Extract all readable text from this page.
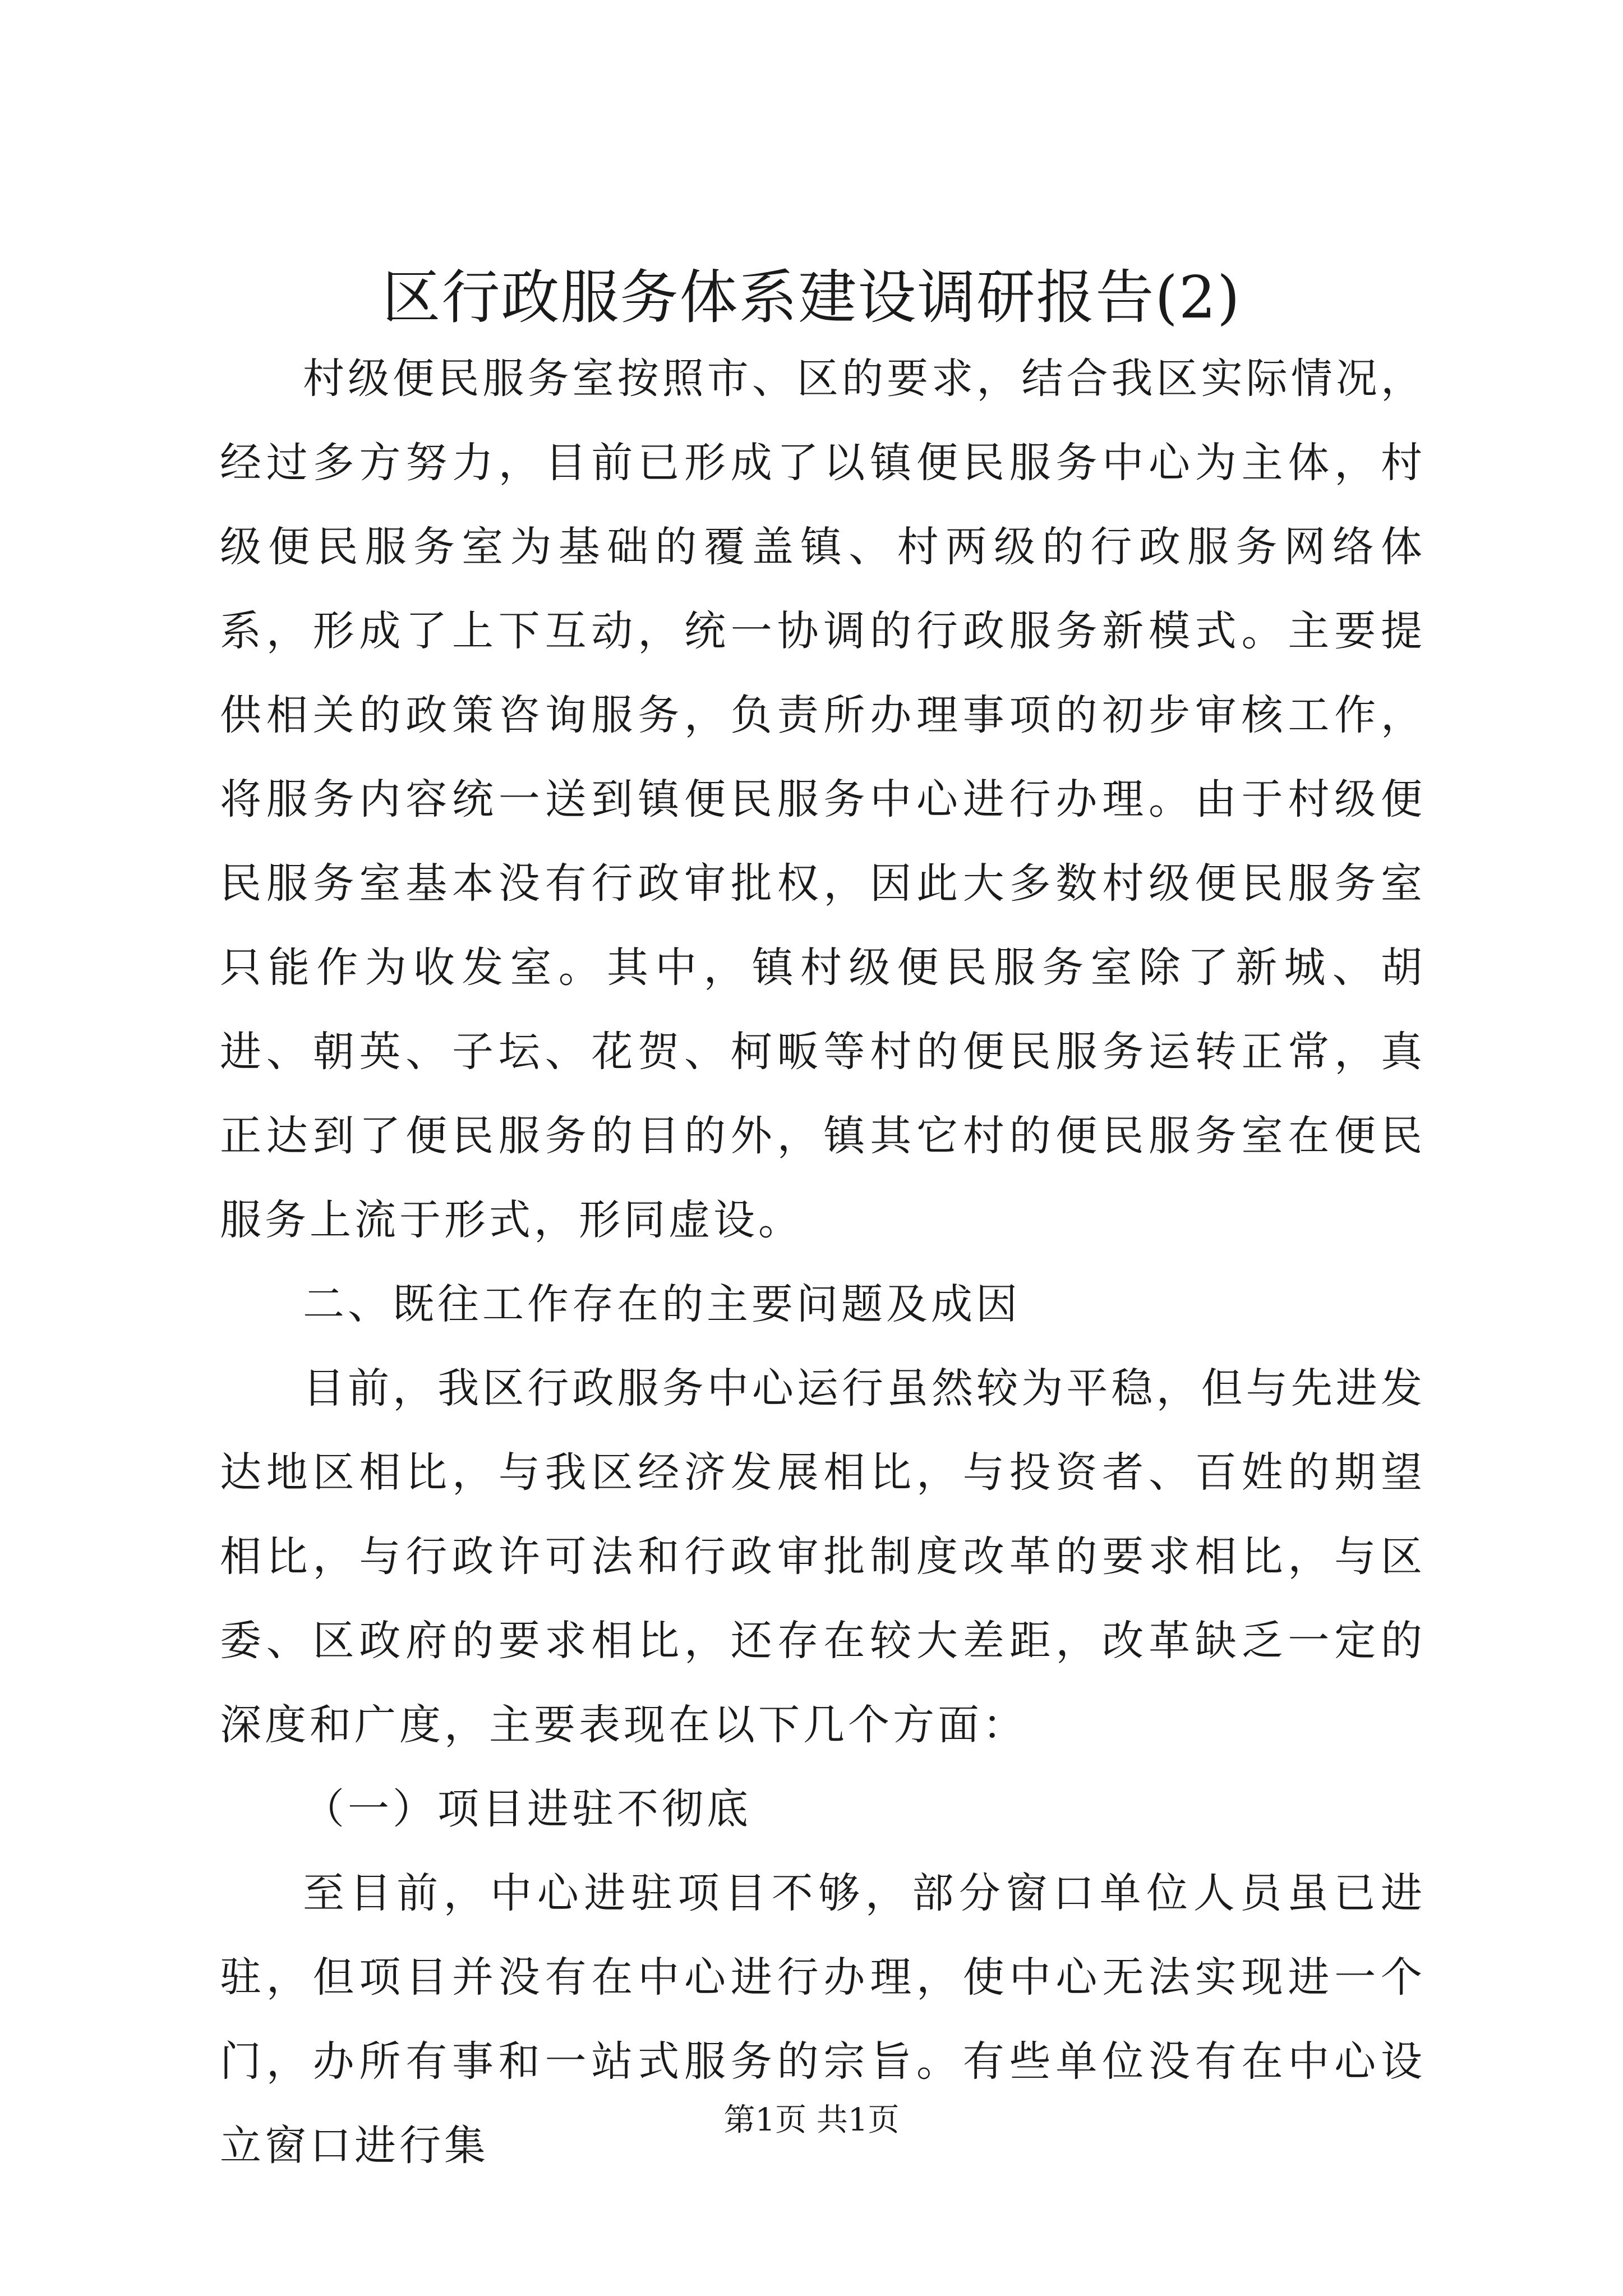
区行政服务体系建设调研报告(2)

村级便民服务室按照市、区的要求，结合我区实际情况，经过多方努力，目前已形成了以镇便民服务中心为主体，村级便民服务室为基础的覆盖镇、村两级的行政服务网络体系，形成了上下互动，统一协调的行政服务新模式。主要提供相关的政策咨询服务，负责所办理事项的初步审核工作，将服务内容统一送到镇便民服务中心进行办理。由于村级便民服务室基本没有行政审批权，因此大多数村级便民服务室只能作为收发室。其中，镇村级便民服务室除了新城、胡进、朝英、子坛、花贺、柯畈等村的便民服务运转正常，真正达到了便民服务的目的外，镇其它村的便民服务室在便民服务上流于形式，形同虚设。

二、既往工作存在的主要问题及成因

目前，我区行政服务中心运行虽然较为平稳，但与先进发达地区相比，与我区经济发展相比，与投资者、百姓的期望相比，与行政许可法和行政审批制度改革的要求相比，与区委、区政府的要求相比，还存在较大差距，改革缺乏一定的深度和广度，主要表现在以下几个方面：

（一）项目进驻不彻底

至目前，中心进驻项目不够，部分窗口单位人员虽已进驻，但项目并没有在中心进行办理，使中心无法实现进一个门，办所有事和一站式服务的宗旨。有些单位没有在中心设立窗口进行集

第1页 共1页
